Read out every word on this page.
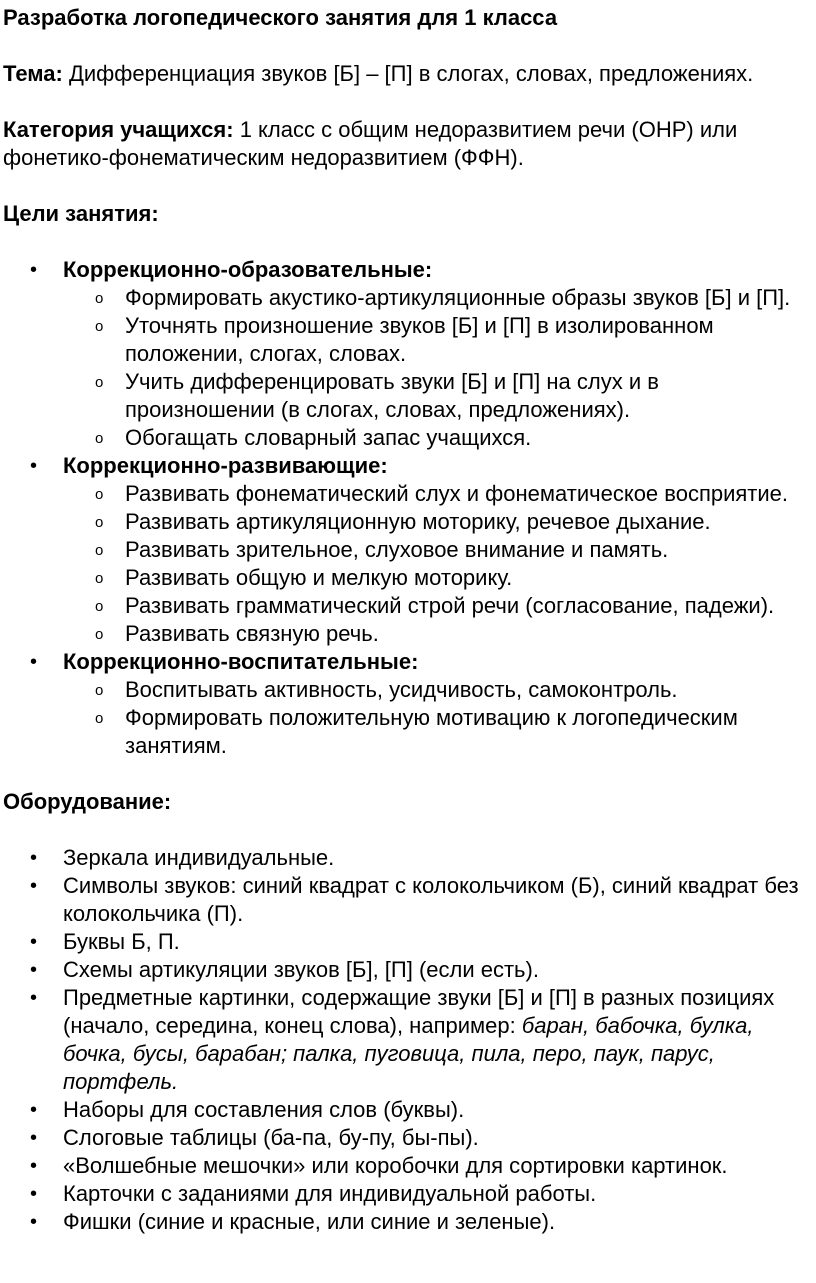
Разработка логопедического занятия для 1 класса

Тема: Дифференциация звуков [Б] – [П] в слогах, словах, предложениях.

Категория учащихся: 1 класс с общим недоразвитием речи (ОНР) или фонетико-фонематическим недоразвитием (ФФН).

Цели занятия:
• Коррекционно-образовательные:
o Формировать акустико-артикуляционные образы звуков [Б] и [П].
o Уточнять произношение звуков [Б] и [П] в изолированном положении, слогах, словах.
o Учить дифференцировать звуки [Б] и [П] на слух и в произношении (в слогах, словах, предложениях).
o Обогащать словарный запас учащихся.
• Коррекционно-развивающие:
o Развивать фонематический слух и фонематическое восприятие.
o Развивать артикуляционную моторику, речевое дыхание.
o Развивать зрительное, слуховое внимание и память.
o Развивать общую и мелкую моторику.
o Развивать грамматический строй речи (согласование, падежи).
o Развивать связную речь.
• Коррекционно-воспитательные:
o Воспитывать активность, усидчивость, самоконтроль.
o Формировать положительную мотивацию к логопедическим занятиям.
Оборудование:
• Зеркала индивидуальные.
• Символы звуков: синий квадрат с колокольчиком (Б), синий квадрат без колокольчика (П).
• Буквы Б, П.
• Схемы артикуляции звуков [Б], [П] (если есть).
• Предметные картинки, содержащие звуки [Б] и [П] в разных позициях (начало, середина, конец слова), например: баран, бабочка, булка, бочка, бусы, барабан; палка, пуговица, пила, перо, паук, парус, портфель.
• Наборы для составления слов (буквы).
• Слоговые таблицы (ба-па, бу-пу, бы-пы).
• «Волшебные мешочки» или коробочки для сортировки картинок.
• Карточки с заданиями для индивидуальной работы.
• Фишки (синие и красные, или синие и зеленые).
